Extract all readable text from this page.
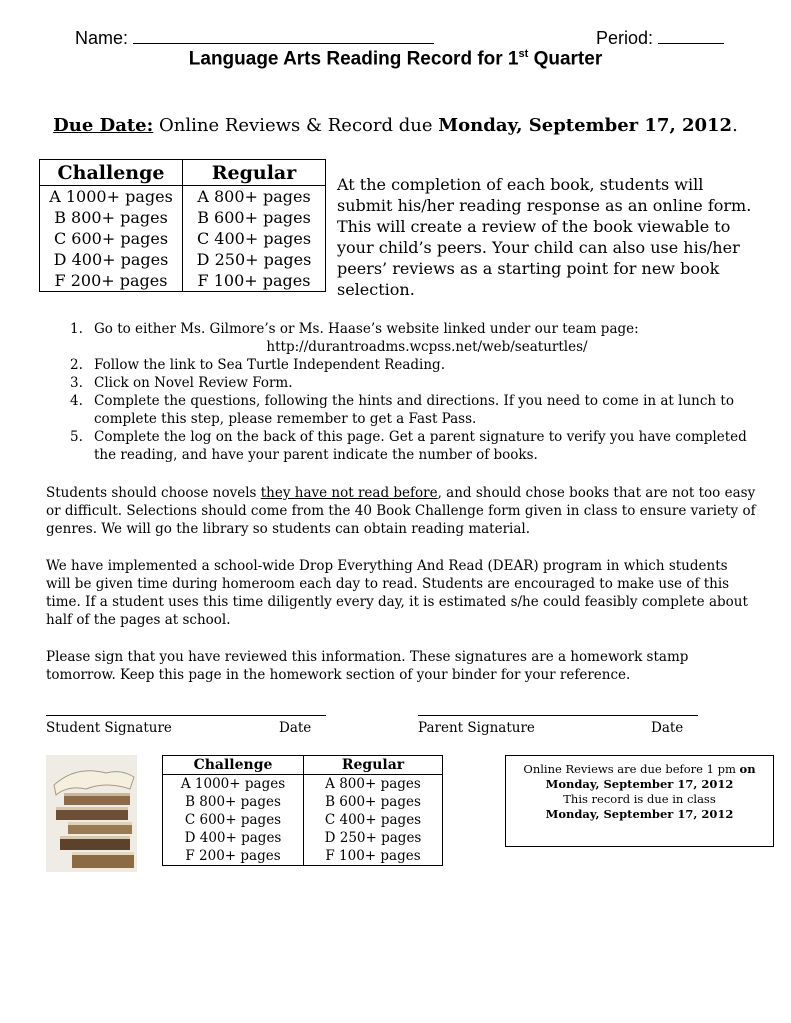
Name:	Period:
Language Arts Reading Record for 1st Quarter
Due Date: Online Reviews & Record due Monday, September 17, 2012.
Challenge	Regular
A 1000+ pages	A 800+ pages
B 800+ pages	B 600+ pages
C 600+ pages	C 400+ pages
D 400+ pages	D 250+ pages
F 200+ pages	F 100+ pages
At the completion of each book, students will submit his/her reading response as an online form. This will create a review of the book viewable to your child’s peers. Your child can also use his/her peers’ reviews as a starting point for new book selection.
1. Go to either Ms. Gilmore’s or Ms. Haase’s website linked under our team page:
http://durantroadms.wcpss.net/web/seaturtles/
2. Follow the link to Sea Turtle Independent Reading.
3. Click on Novel Review Form.
4. Complete the questions, following the hints and directions. If you need to come in at lunch to complete this step, please remember to get a Fast Pass.
5. Complete the log on the back of this page. Get a parent signature to verify you have completed the reading, and have your parent indicate the number of books.
Students should choose novels they have not read before, and should chose books that are not too easy or difficult. Selections should come from the 40 Book Challenge form given in class to ensure variety of genres. We will go the library so students can obtain reading material.
We have implemented a school-wide Drop Everything And Read (DEAR) program in which students will be given time during homeroom each day to read. Students are encouraged to make use of this time. If a student uses this time diligently every day, it is estimated s/he could feasibly complete about half of the pages at school.
Please sign that you have reviewed this information. These signatures are a homework stamp tomorrow. Keep this page in the homework section of your binder for your reference.
Student Signature	Date	Parent Signature	Date
Challenge	Regular
A 1000+ pages	A 800+ pages
B 800+ pages	B 600+ pages
C 600+ pages	C 400+ pages
D 400+ pages	D 250+ pages
F 200+ pages	F 100+ pages
Online Reviews are due before 1 pm on
Monday, September 17, 2012
This record is due in class
Monday, September 17, 2012
